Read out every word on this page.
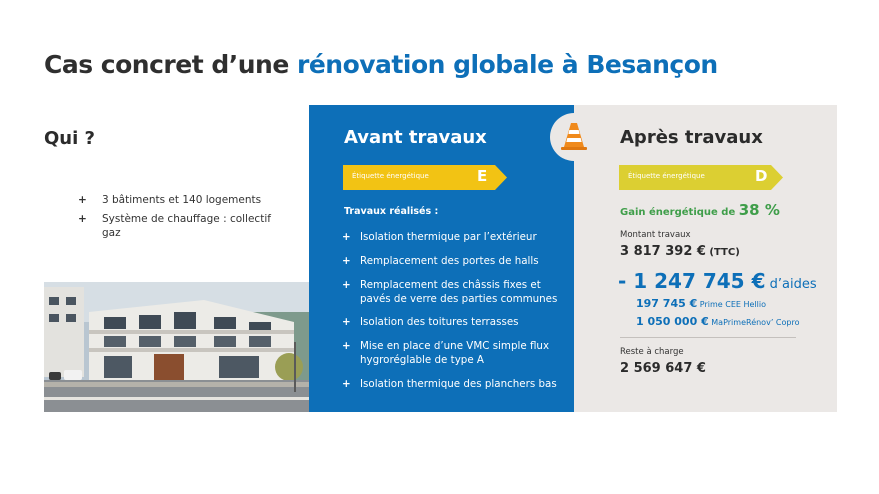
Cas concret d’une rénovation globale à Besançon
Qui ?
+ 3 bâtiments et 140 logements
+ Système de chauffage : collectif gaz
Avant travaux
Étiquette énergétique	E
Travaux réalisés :
+ Isolation thermique par l’extérieur
+ Remplacement des portes de halls
+ Remplacement des châssis fixes et pavés de verre des parties communes
+ Isolation des toitures terrasses
+ Mise en place d’une VMC simple flux hygroréglable de type A
+ Isolation thermique des planchers bas
Après travaux
Étiquette énergétique	D
Gain énergétique de 38 %
Montant travaux
3 817 392 € (TTC)
- 1 247 745 € d’aides
197 745 € Prime CEE Hellio
1 050 000 € MaPrimeRénov’ Copro
Reste à charge
2 569 647 €
